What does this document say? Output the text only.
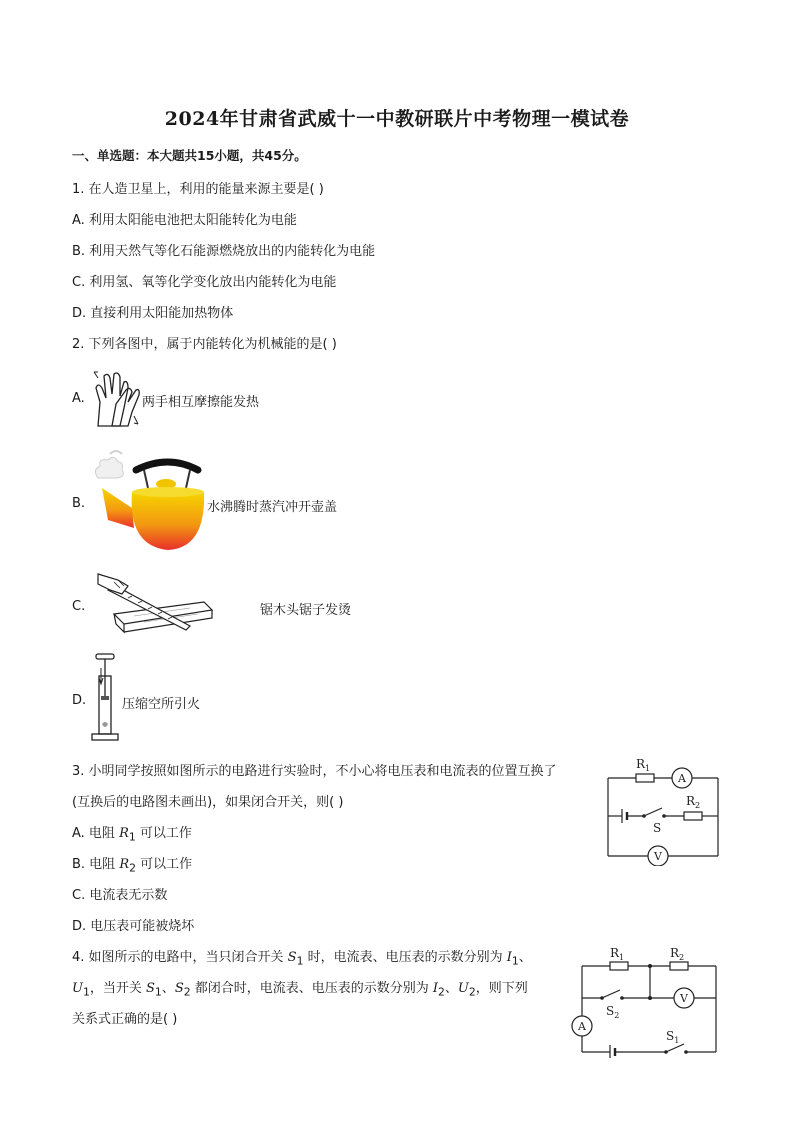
2024年甘肃省武威十一中教研联片中考物理一模试卷
一、单选题：本大题共15小题，共45分。
1. 在人造卫星上，利用的能量来源主要是( )
A. 利用太阳能电池把太阳能转化为电能
B. 利用天然气等化石能源燃烧放出的内能转化为电能
C. 利用氢、氧等化学变化放出内能转化为电能
D. 直接利用太阳能加热物体
2. 下列各图中，属于内能转化为机械能的是( )
A.	两手相互摩擦能发热
B.	水沸腾时蒸汽冲开壶盖
C.	锯木头锯子发烫
D.	压缩空所引火
3. 小明同学按照如图所示的电路进行实验时，不小心将电压表和电流表的位置互换了
(互换后的电路图未画出)，如果闭合开关，则( )
A. 电阻 $R_1$ 可以工作
B. 电阻 $R_2$ 可以工作
C. 电流表无示数
D. 电压表可能被烧坏
$R_1$
A
$R_2$
S
V
4. 如图所示的电路中，当只闭合开关 $S_1$ 时，电流表、电压表的示数分别为 $I_1$、
$U_1$，当开关 $S_1$、$S_2$ 都闭合时，电流表、电压表的示数分别为 $I_2$、$U_2$，则下列
关系式正确的是( )
$R_1$	$R_2$
A
V
$S_2$
$S_1$
